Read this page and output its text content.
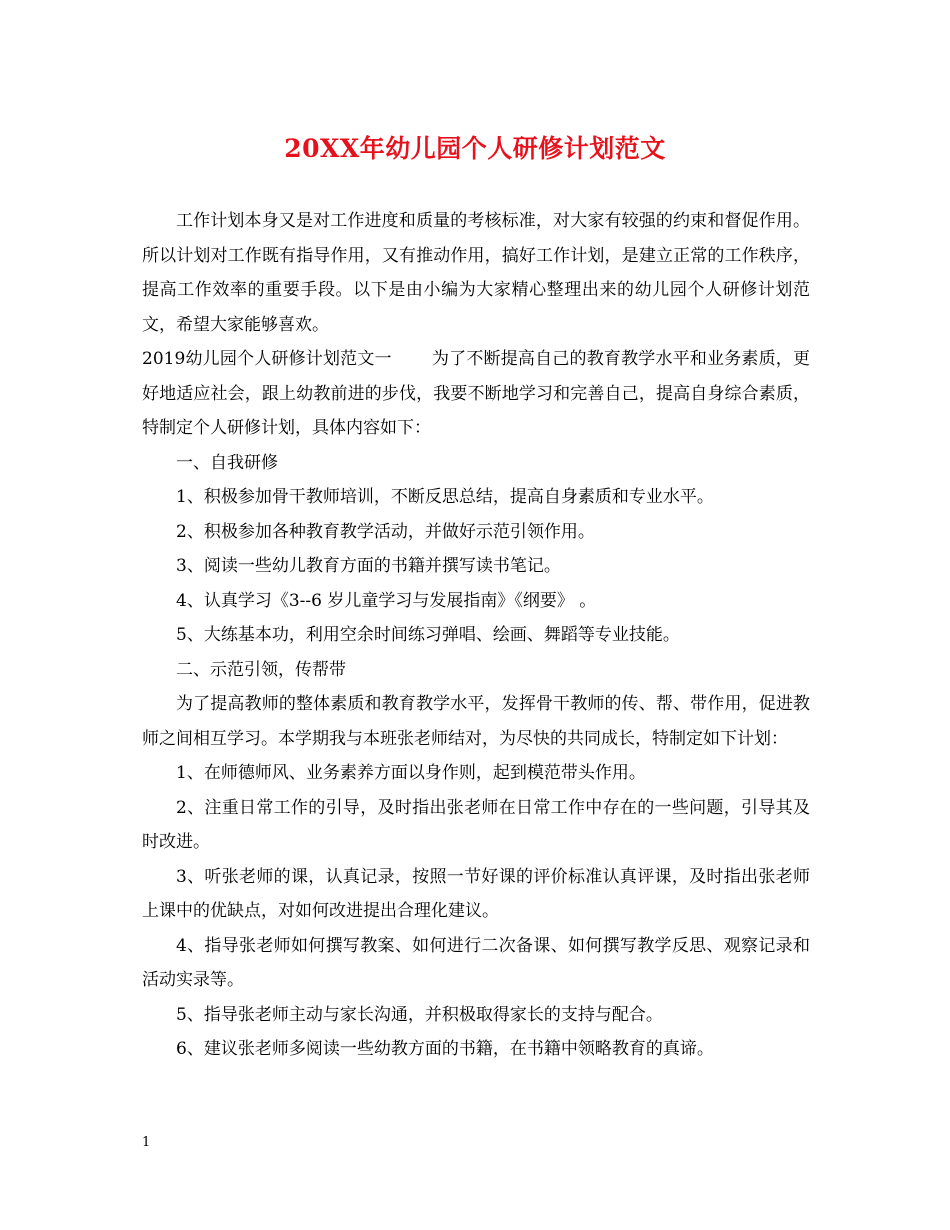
20XX年幼儿园个人研修计划范文

工作计划本身又是对工作进度和质量的考核标准，对大家有较强的约束和督促作用。所以计划对工作既有指导作用，又有推动作用，搞好工作计划，是建立正常的工作秩序，提高工作效率的重要手段。以下是由小编为大家精心整理出来的幼儿园个人研修计划范文，希望大家能够喜欢。

2019幼儿园个人研修计划范文一 为了不断提高自己的教育教学水平和业务素质，更好地适应社会，跟上幼教前进的步伐，我要不断地学习和完善自己，提高自身综合素质，特制定个人研修计划，具体内容如下：

一、自我研修

1、积极参加骨干教师培训，不断反思总结，提高自身素质和专业水平。

2、积极参加各种教育教学活动，并做好示范引领作用。

3、阅读一些幼儿教育方面的书籍并撰写读书笔记。

4、认真学习《3--6 岁儿童学习与发展指南》《纲要》 。

5、大练基本功，利用空余时间练习弹唱、绘画、舞蹈等专业技能。

二、示范引领，传帮带

为了提高教师的整体素质和教育教学水平，发挥骨干教师的传、帮、带作用，促进教师之间相互学习。本学期我与本班张老师结对，为尽快的共同成长，特制定如下计划：

1、在师德师风、业务素养方面以身作则，起到模范带头作用。

2、注重日常工作的引导，及时指出张老师在日常工作中存在的一些问题，引导其及时改进。

3、听张老师的课，认真记录，按照一节好课的评价标准认真评课，及时指出张老师上课中的优缺点，对如何改进提出合理化建议。

4、指导张老师如何撰写教案、如何进行二次备课、如何撰写教学反思、观察记录和活动实录等。

5、指导张老师主动与家长沟通，并积极取得家长的支持与配合。

6、建议张老师多阅读一些幼教方面的书籍，在书籍中领略教育的真谛。

1
